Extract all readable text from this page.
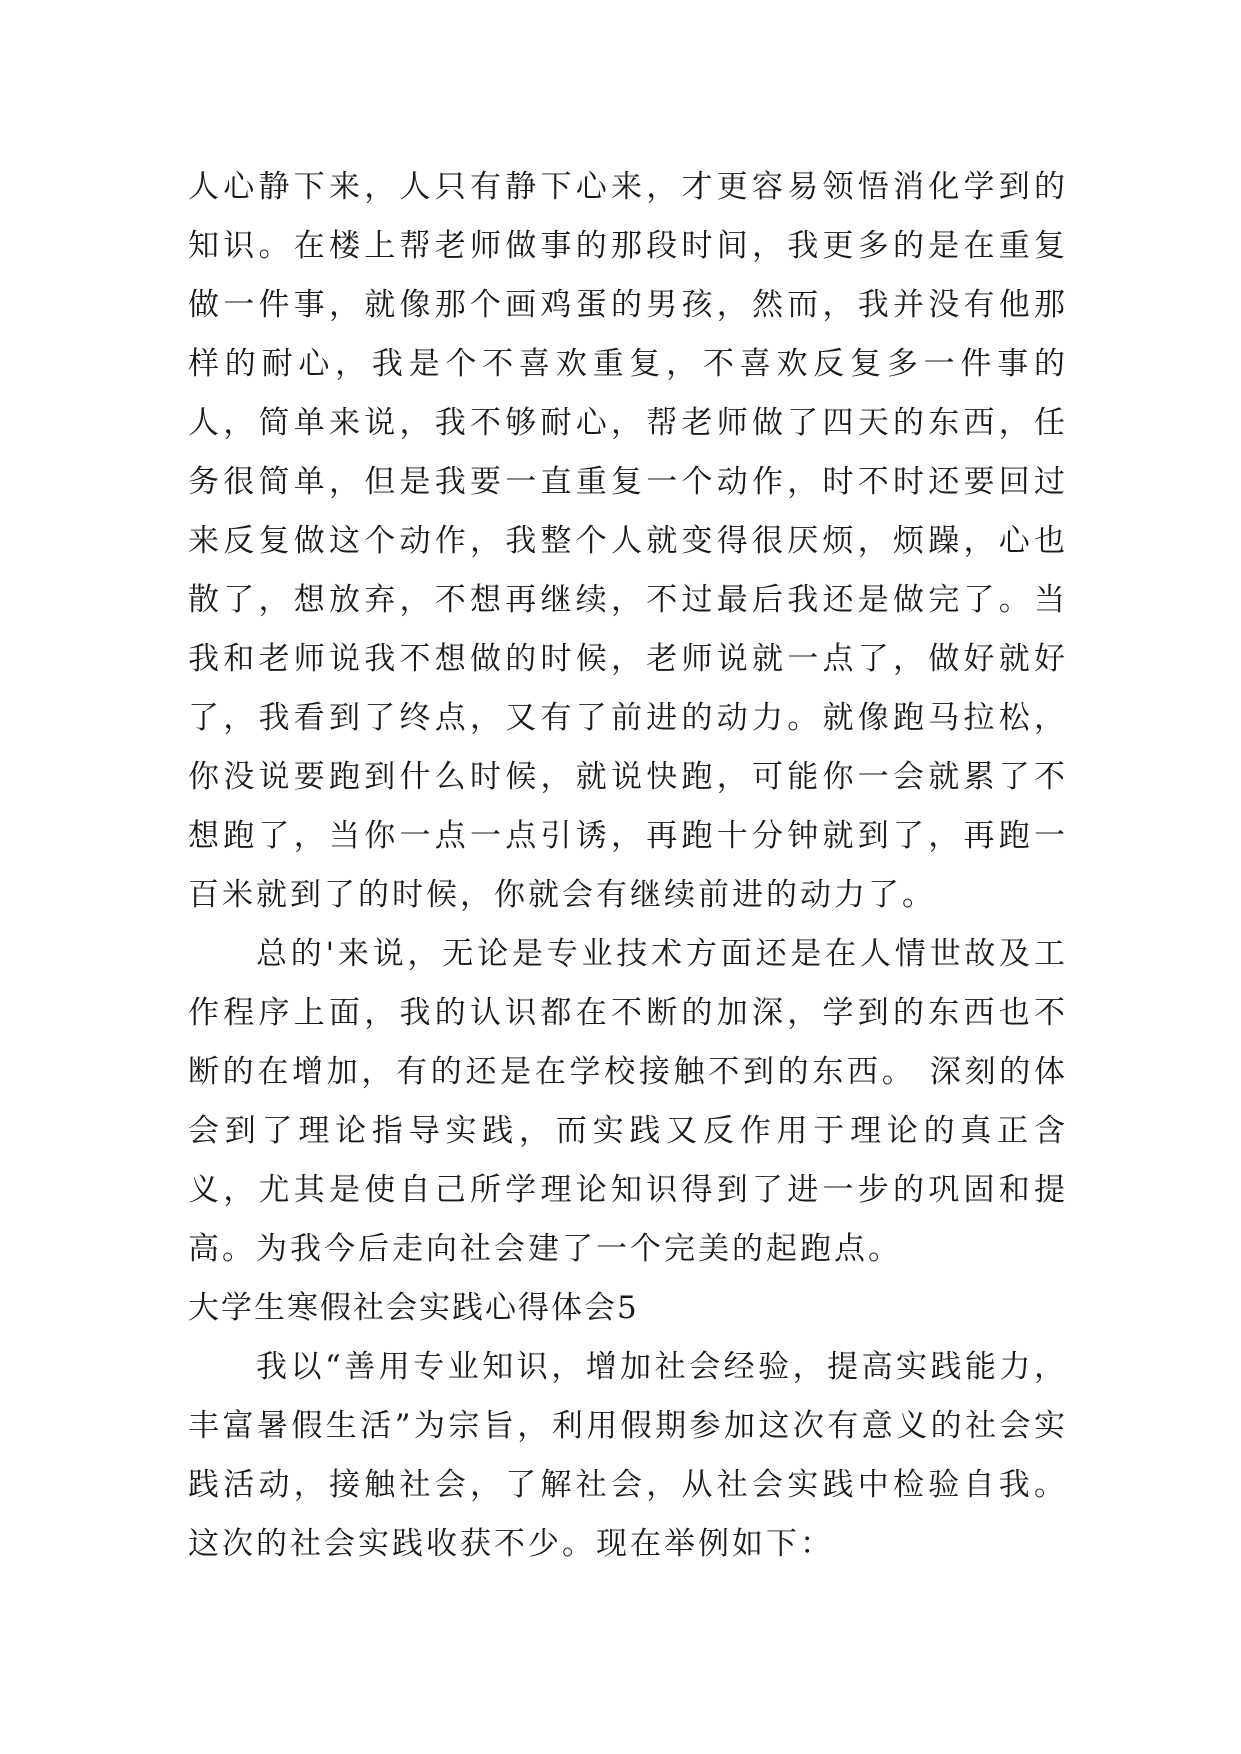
人心静下来，人只有静下心来，才更容易领悟消化学到的知识。在楼上帮老师做事的那段时间，我更多的是在重复做一件事，就像那个画鸡蛋的男孩，然而，我并没有他那样的耐心，我是个不喜欢重复，不喜欢反复多一件事的人，简单来说，我不够耐心，帮老师做了四天的东西，任务很简单，但是我要一直重复一个动作，时不时还要回过来反复做这个动作，我整个人就变得很厌烦，烦躁，心也散了，想放弃，不想再继续，不过最后我还是做完了。当我和老师说我不想做的时候，老师说就一点了，做好就好了，我看到了终点，又有了前进的动力。就像跑马拉松，你没说要跑到什么时候，就说快跑，可能你一会就累了不想跑了，当你一点一点引诱，再跑十分钟就到了，再跑一百米就到了的时候，你就会有继续前进的动力了。

总的'来说，无论是专业技术方面还是在人情世故及工作程序上面，我的认识都在不断的加深，学到的东西也不断的在增加，有的还是在学校接触不到的东西。 深刻的体会到了理论指导实践，而实践又反作用于理论的真正含义，尤其是使自己所学理论知识得到了进一步的巩固和提高。为我今后走向社会建了一个完美的起跑点。

大学生寒假社会实践心得体会5

我以“善用专业知识，增加社会经验，提高实践能力，丰富暑假生活”为宗旨，利用假期参加这次有意义的社会实践活动，接触社会，了解社会，从社会实践中检验自我。这次的社会实践收获不少。现在举例如下：
